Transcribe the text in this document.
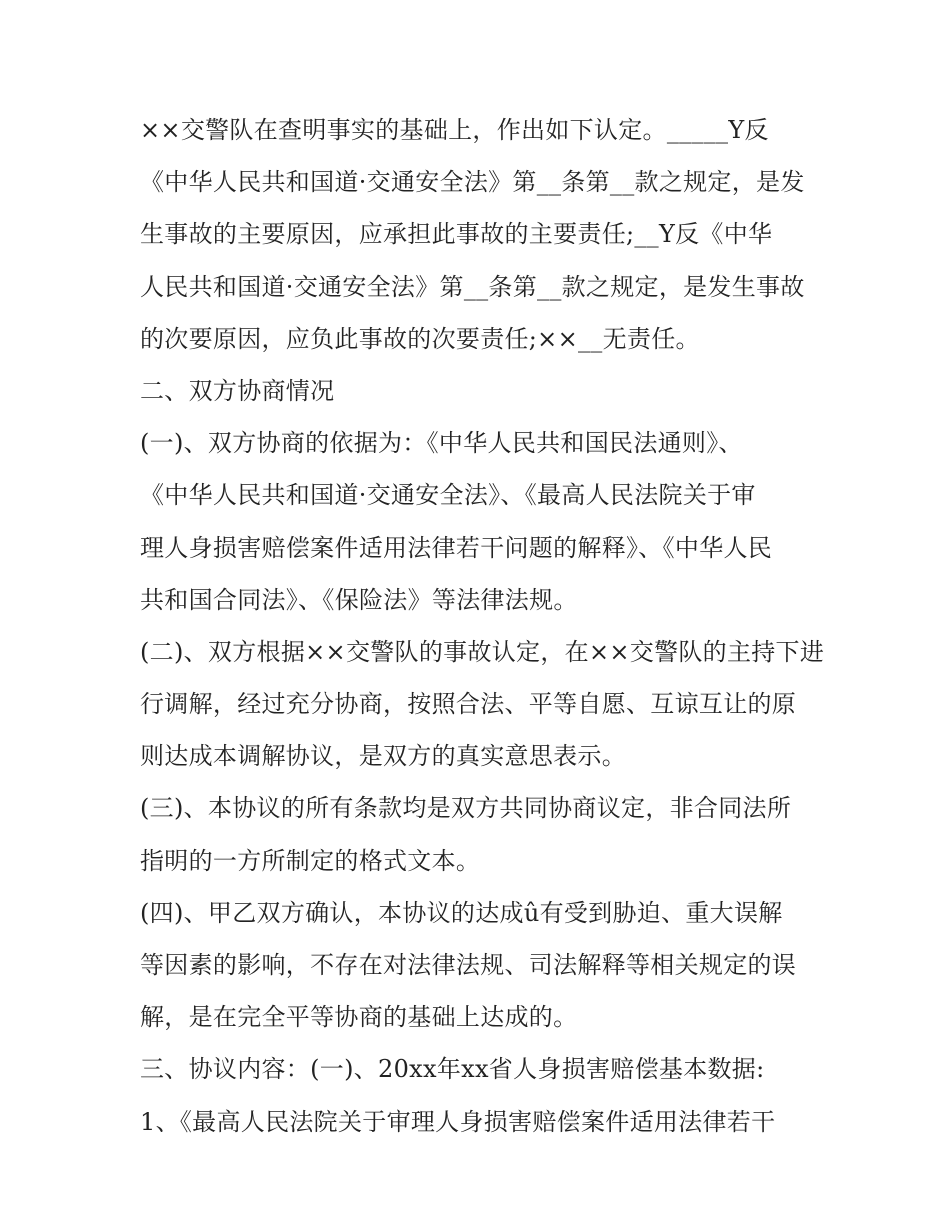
××交警队在查明事实的基础上，作出如下认定。_____Y反
《中华人民共和国道·交通安全法》第__条第__款之规定，是发
生事故的主要原因，应承担此事故的主要责任;__Y反《中华
人民共和国道·交通安全法》第__条第__款之规定，是发生事故
的次要原因，应负此事故的次要责任;××__无责任。
二、双方协商情况
(一)、双方协商的依据为：《中华人民共和国民法通则》、
《中华人民共和国道·交通安全法》、《最高人民法院关于审
理人身损害赔偿案件适用法律若干问题的解释》、《中华人民
共和国合同法》、《保险法》等法律法规。
(二)、双方根据××交警队的事故认定，在××交警队的主持下进
行调解，经过充分协商，按照合法、平等自愿、互谅互让的原
则达成本调解协议，是双方的真实意思表示。
(三)、本协议的所有条款均是双方共同协商议定，非合同法所
指明的一方所制定的格式文本。
(四)、甲乙双方确认，本协议的达成û有受到胁迫、重大误解
等因素的影响，不存在对法律法规、司法解释等相关规定的误
解，是在完全平等协商的基础上达成的。
三、协议内容：(一)、20xx年xx省人身损害赔偿基本数据:
1、《最高人民法院关于审理人身损害赔偿案件适用法律若干
